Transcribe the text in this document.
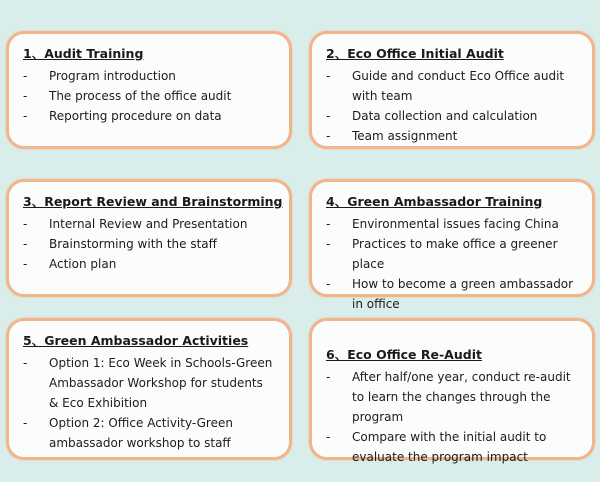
1、Audit Training
- Program introduction
- The process of the office audit
- Reporting procedure on data
2、Eco Office Initial Audit
- Guide and conduct Eco Office audit with team
- Data collection and calculation
- Team assignment
3、Report Review and Brainstorming
- Internal Review and Presentation
- Brainstorming with the staff
- Action plan
4、Green Ambassador Training
- Environmental issues facing China
- Practices to make office a greener place
- How to become a green ambassador in office
5、Green Ambassador Activities
- Option 1: Eco Week in Schools-Green Ambassador Workshop for students & Eco Exhibition
- Option 2: Office Activity-Green ambassador workshop to staff
6、Eco Office Re-Audit
- After half/one year, conduct re-audit to learn the changes through the program
- Compare with the initial audit to evaluate the program impact
